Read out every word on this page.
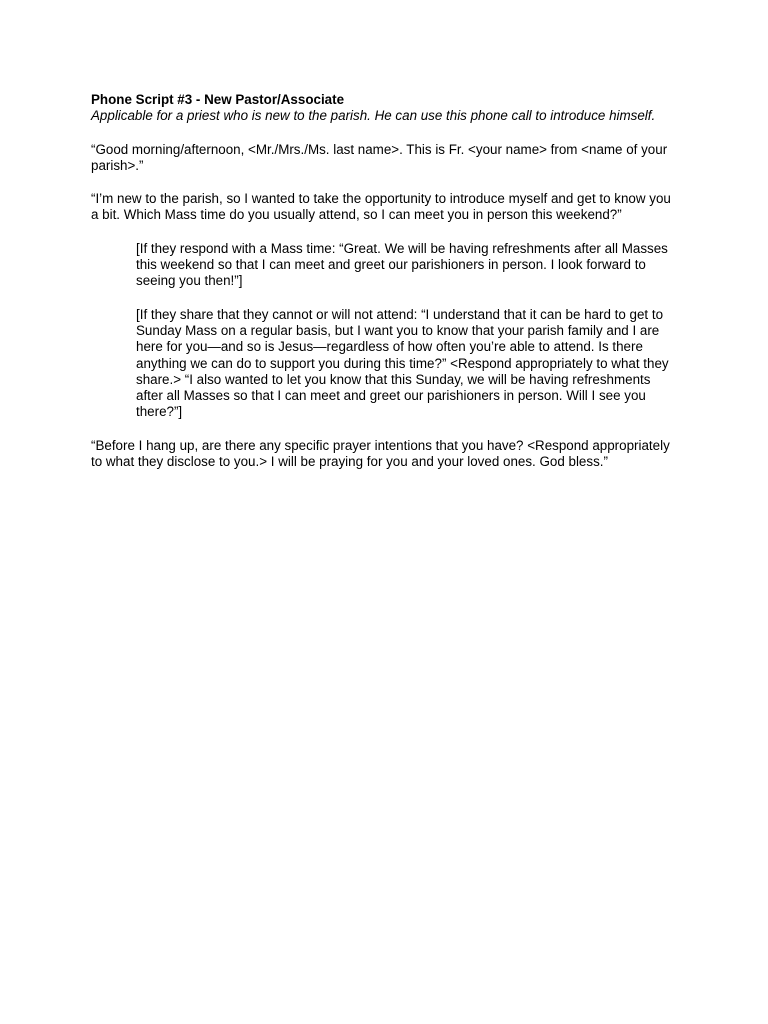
Phone Script #3 - New Pastor/Associate

Applicable for a priest who is new to the parish. He can use this phone call to introduce himself.

“Good morning/afternoon, <Mr./Mrs./Ms. last name>. This is Fr. <your name> from <name of your parish>.”

“I’m new to the parish, so I wanted to take the opportunity to introduce myself and get to know you a bit. Which Mass time do you usually attend, so I can meet you in person this weekend?”

[If they respond with a Mass time: “Great. We will be having refreshments after all Masses this weekend so that I can meet and greet our parishioners in person. I look forward to seeing you then!”]

[If they share that they cannot or will not attend: “I understand that it can be hard to get to Sunday Mass on a regular basis, but I want you to know that your parish family and I are here for you—and so is Jesus—regardless of how often you’re able to attend. Is there anything we can do to support you during this time?” <Respond appropriately to what they share.> “I also wanted to let you know that this Sunday, we will be having refreshments after all Masses so that I can meet and greet our parishioners in person. Will I see you there?”]

“Before I hang up, are there any specific prayer intentions that you have? <Respond appropriately to what they disclose to you.> I will be praying for you and your loved ones. God bless.”
